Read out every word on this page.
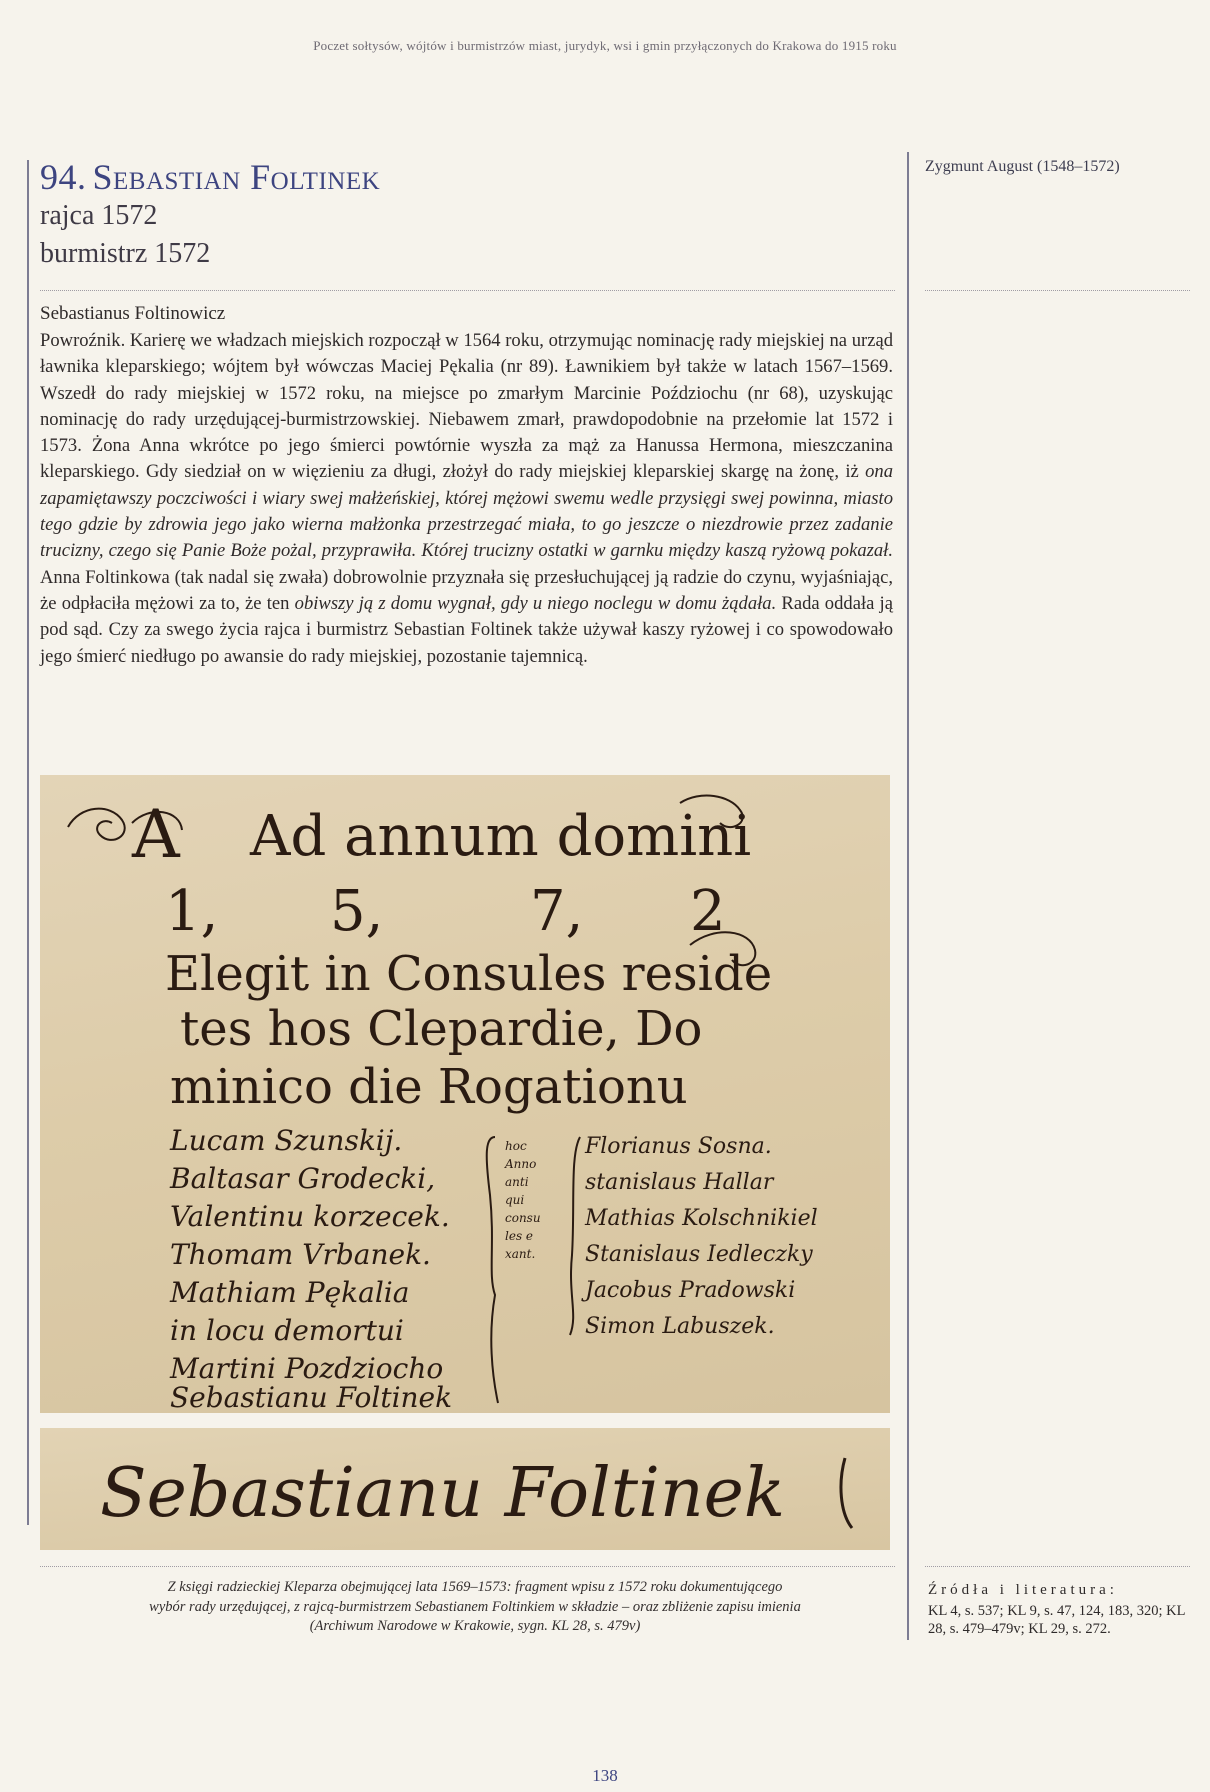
Poczet sołtysów, wójtów i burmistrzów miast, jurydyk, wsi i gmin przyłączonych do Krakowa do 1915 roku
94. Sebastian Foltinek
rajca 1572
burmistrz 1572
Zygmunt August (1548–1572)
Sebastianus Foltinowicz
Powroźnik. Karierę we władzach miejskich rozpoczął w 1564 roku, otrzymując nominację rady miejskiej na urząd ławnika kleparskiego; wójtem był wówczas Maciej Pękalia (nr 89). Ławnikiem był także w latach 1567–1569. Wszedł do rady miejskiej w 1572 roku, na miejsce po zmarłym Marcinie Poździochu (nr 68), uzyskując nominację do rady urzędującej-burmistrzowskiej. Niebawem zmarł, prawdopodobnie na przełomie lat 1572 i 1573. Żona Anna wkrótce po jego śmierci powtórnie wyszła za mąż za Hanussa Hermona, mieszczanina kleparskiego. Gdy siedział on w więzieniu za długi, złożył do rady miejskiej kleparskiej skargę na żonę, iż ona zapamiętawszy poczciwości i wiary swej małżeńskiej, której mężowi swemu wedle przysięgi swej powinna, miasto tego gdzie by zdrowia jego jako wierna małżonka przestrzegać miała, to go jeszcze o niezdrowie przez zadanie trucizny, czego się Panie Boże pożal, przyprawiła. Której trucizny ostatki w garnku między kaszą ryżową pokazał. Anna Foltinkowa (tak nadal się zwała) dobrowolnie przyznała się przesłuchującej ją radzie do czynu, wyjaśniając, że odpłaciła mężowi za to, że ten obiwszy ją z domu wygnał, gdy u niego noclegu w domu żądała. Rada oddała ją pod sąd. Czy za swego życia rajca i burmistrz Sebastian Foltinek także używał kaszy ryżowej i co spowodowało jego śmierć niedługo po awansie do rady miejskiej, pozostanie tajemnicą.
A Ad annum domini
1, 5,	7, 2
Elegit in Consules reside
tes hos Clepardie, Do
minico die Rogationu
Lucam Szunskij.
Baltasar Grodecki,
Valentinu korzecek.
Thomam Vrbanek.
Mathiam Pękalia
in locu demortui
Martini Pozdziocho
Sebastianu Foltinek
hoc
Anno
anti
qui
consu
les e
xant.
Florianus Sosna.
stanislaus Hallar
Mathias Kolschnikiel
Stanislaus Iedleczky
Jacobus Pradowski
Simon Labuszek.
Sebastianu Foltinek
Z księgi radzieckiej Kleparza obejmującej lata 1569–1573: fragment wpisu z 1572 roku dokumentującego
wybór rady urzędującej, z rajcą-burmistrzem Sebastianem Foltinkiem w składzie – oraz zbliżenie zapisu imienia
(Archiwum Narodowe w Krakowie, sygn. KL 28, s. 479v)
Źródła i literatura:
KL 4, s. 537; KL 9, s. 47, 124, 183, 320; KL 28, s. 479–479v; KL 29, s. 272.
138
